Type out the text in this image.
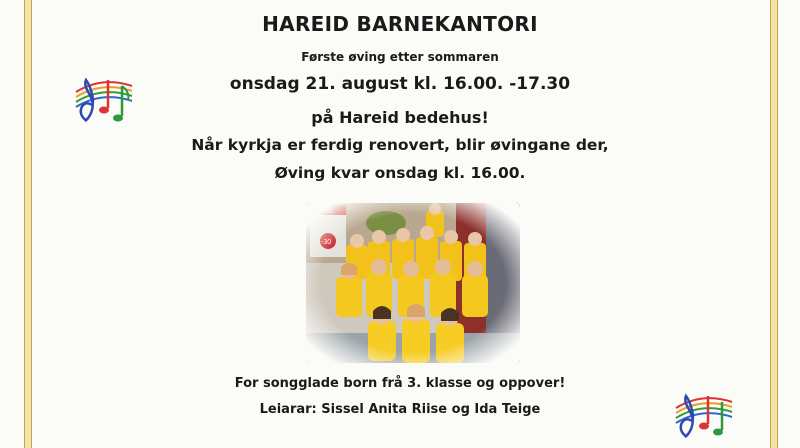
HAREID BARNEKANTORI
Første øving etter sommaren
onsdag 21. august kl. 16.00. -17.30
på Hareid bedehus!
Når kyrkja er ferdig renovert, blir øvingane der,
Øving kvar onsdag kl. 16.00.
For songglade born frå 3. klasse og oppover!
Leiarar: Sissel Anita Riise og Ida Teige
